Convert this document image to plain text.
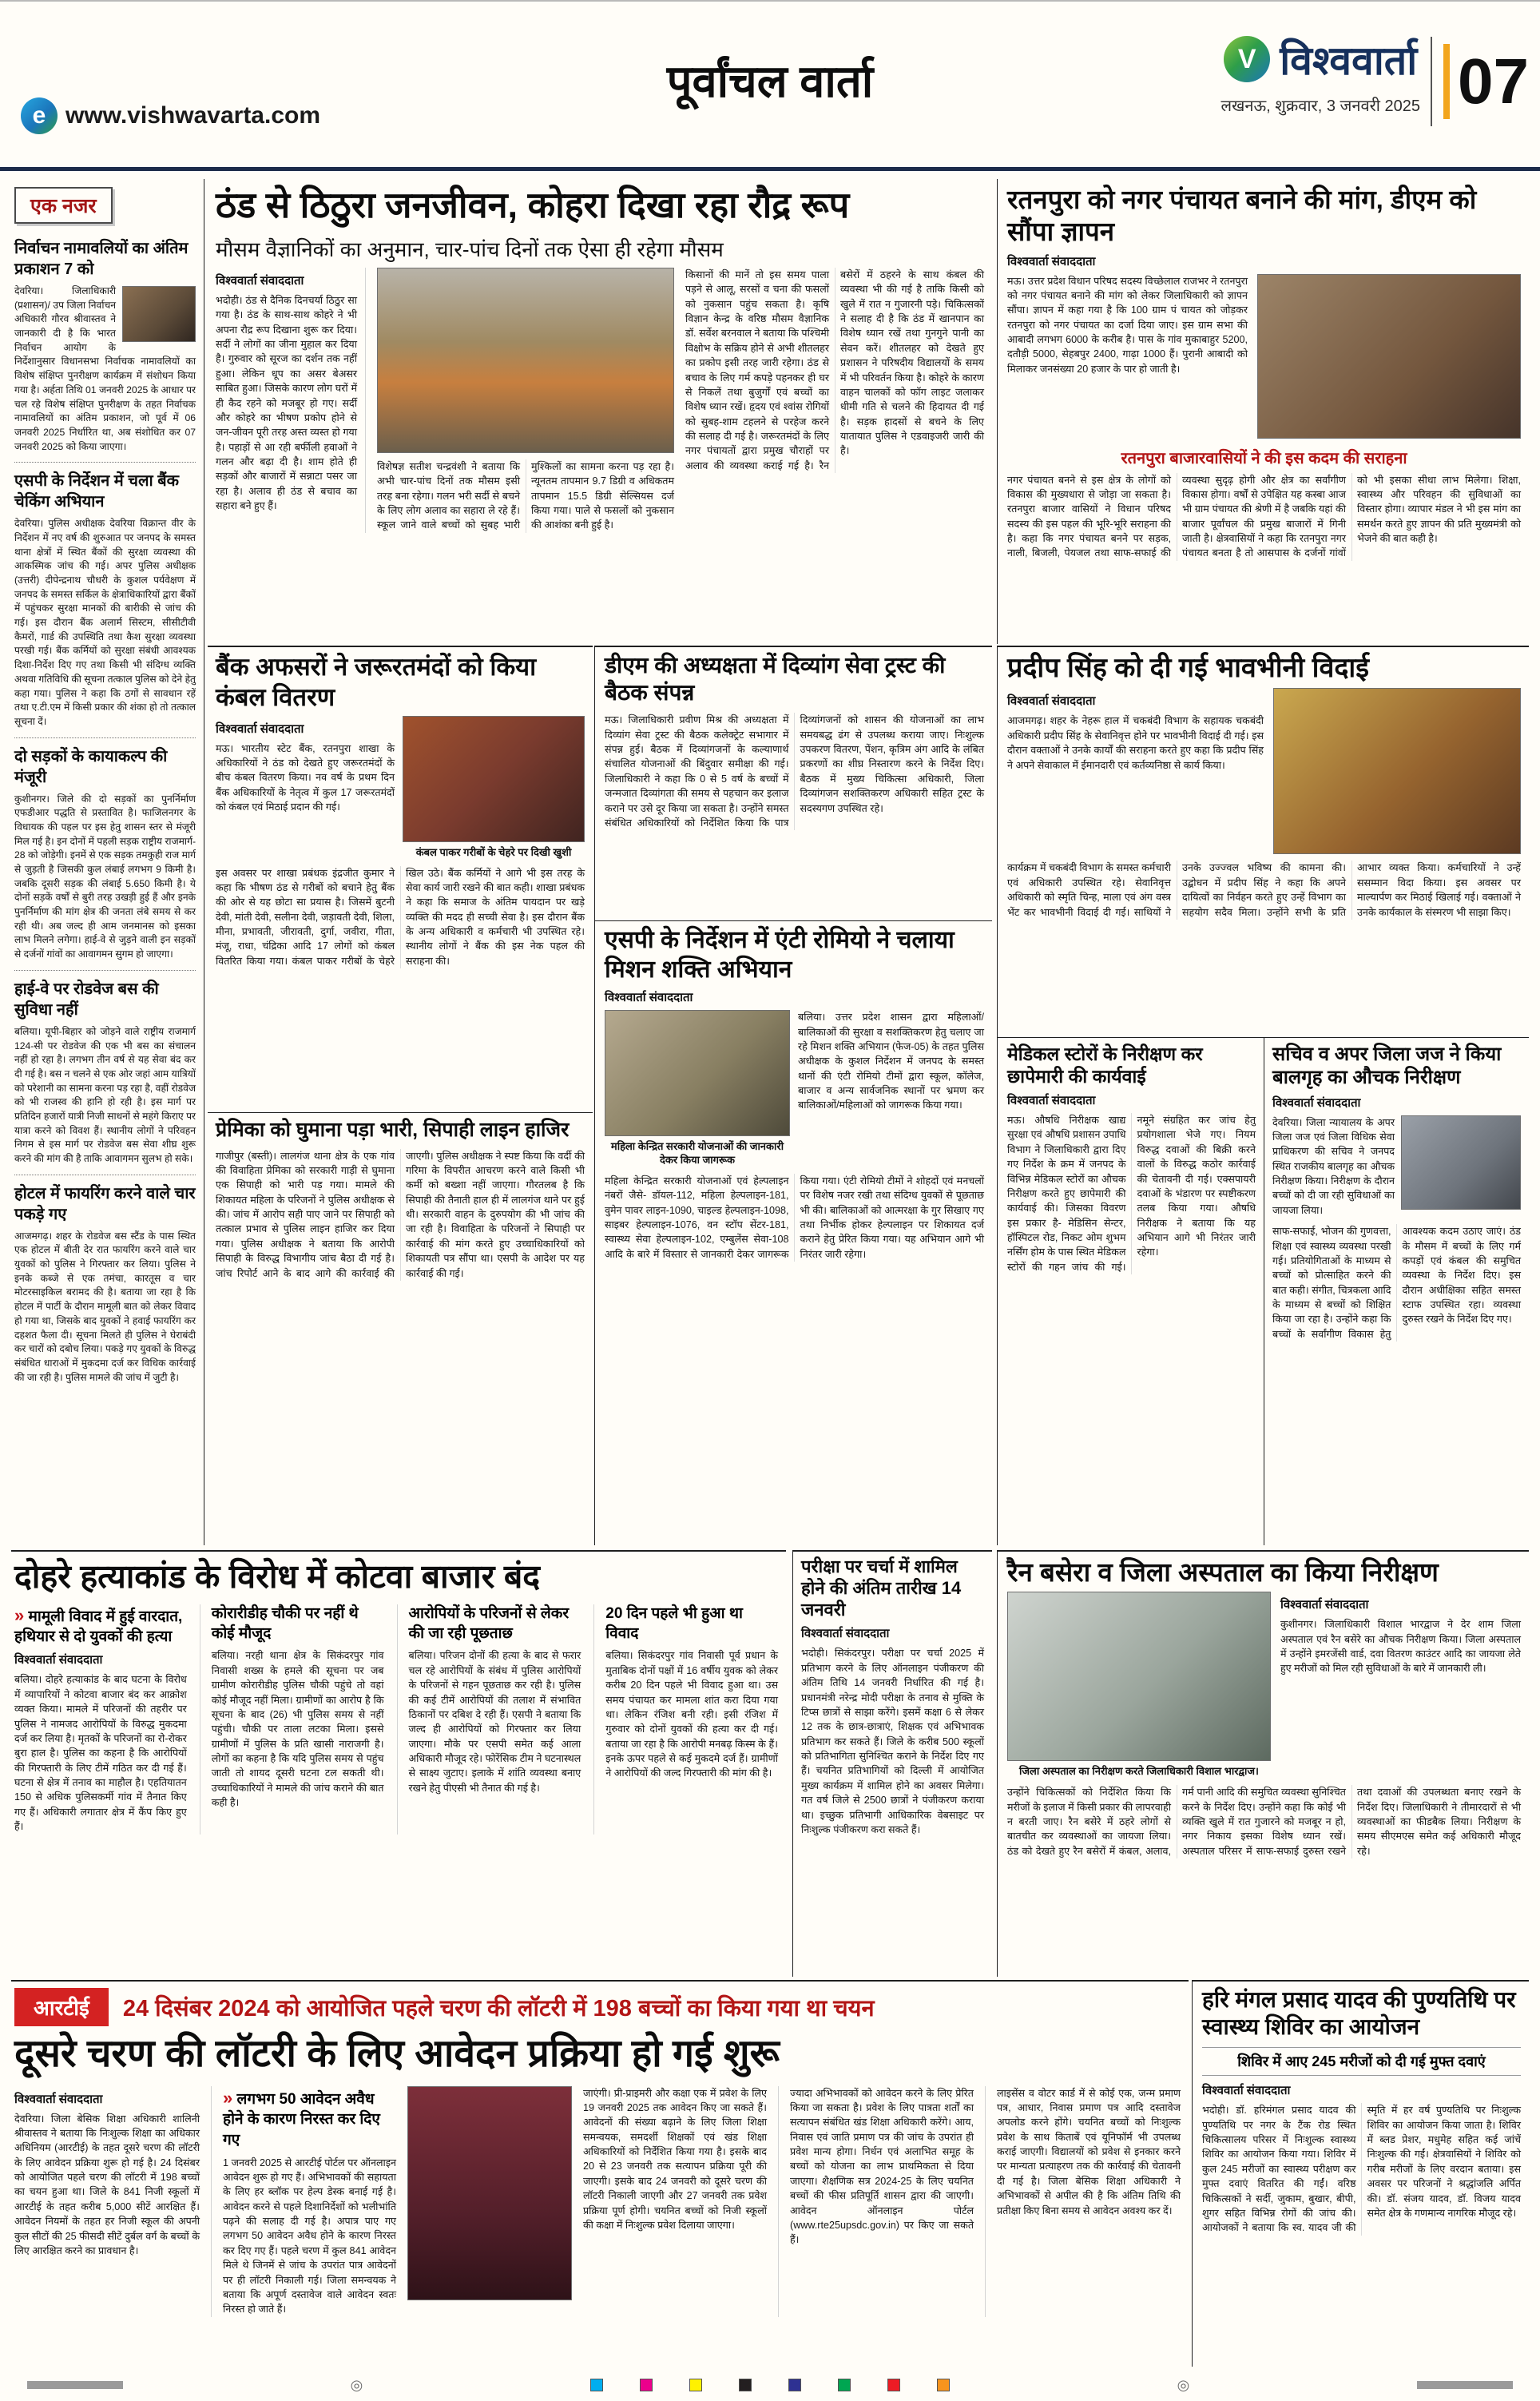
e www.vishwavarta.com
पूर्वांचल वार्ता	V विश्ववार्ता
लखनऊ, शुक्रवार, 3 जनवरी 2025 07
एक नजर
निर्वाचन नामावलियों का अंतिम प्रकाशन 7 को
देवरिया। जिलाधिकारी (प्रशासन)/ उप जिला निर्वाचन अधिकारी गौरव श्रीवास्तव ने जानकारी दी है कि भारत निर्वाचन आयोग के निर्देशानुसार विधानसभा निर्वाचक नामावलियों का विशेष संक्षिप्त पुनरीक्षण कार्यक्रम में संशोधन किया गया है। अर्हता तिथि 01 जनवरी 2025 के आधार पर चल रहे विशेष संक्षिप्त पुनरीक्षण के तहत निर्वाचक नामावलियों का अंतिम प्रकाशन, जो पूर्व में 06 जनवरी 2025 निर्धारित था, अब संशोधित कर 07 जनवरी 2025 को किया जाएगा।
एसपी के निर्देशन में चला बैंक चेकिंग अभियान
देवरिया। पुलिस अधीक्षक देवरिया विक्रान्त वीर के निर्देशन में नए वर्ष की शुरुआत पर जनपद के समस्त थाना क्षेत्रों में स्थित बैंकों की सुरक्षा व्यवस्था की आकस्मिक जांच की गई। अपर पुलिस अधीक्षक (उत्तरी) दीपेन्द्रनाथ चौधरी के कुशल पर्यवेक्षण में जनपद के समस्त सर्किल के क्षेत्राधिकारियों द्वारा बैंकों में पहुंचकर सुरक्षा मानकों की बारीकी से जांच की गई। इस दौरान बैंक अलार्म सिस्टम, सीसीटीवी कैमरों, गार्ड की उपस्थिति तथा कैश सुरक्षा व्यवस्था परखी गई। बैंक कर्मियों को सुरक्षा संबंधी आवश्यक दिशा-निर्देश दिए गए तथा किसी भी संदिग्ध व्यक्ति अथवा गतिविधि की सूचना तत्काल पुलिस को देने हेतु कहा गया। पुलिस ने कहा कि ठगों से सावधान रहें तथा ए.टी.एम में किसी प्रकार की शंका हो तो तत्काल सूचना दें।
दो सड़कों के कायाकल्प की मंजूरी
कुशीनगर। जिले की दो सड़कों का पुनर्निर्माण एफडीआर पद्धति से प्रस्तावित है। फाजिलनगर के विधायक की पहल पर इस हेतु शासन स्तर से मंजूरी मिल गई है। इन दोनों में पहली सड़क राष्ट्रीय राजमार्ग- 28 को जोड़ेगी। इनमें से एक सड़क तमकुही राज मार्ग से जुड़ती है जिसकी कुल लंबाई लगभग 9 किमी है। जबकि दूसरी सड़क की लंबाई 5.650 किमी है। ये दोनों सड़कें वर्षों से बुरी तरह उखड़ी हुई हैं और इनके पुनर्निर्माण की मांग क्षेत्र की जनता लंबे समय से कर रही थी। अब जल्द ही आम जनमानस को इसका लाभ मिलने लगेगा। हाई-वे से जुड़ने वाली इन सड़कों से दर्जनों गांवों का आवागमन सुगम हो जाएगा।
हाई-वे पर रोडवेज बस की सुविधा नहीं
बलिया। यूपी-बिहार को जोड़ने वाले राष्ट्रीय राजमार्ग 124-सी पर रोडवेज की एक भी बस का संचालन नहीं हो रहा है। लगभग तीन वर्ष से यह सेवा बंद कर दी गई है। बस न चलने से एक ओर जहां आम यात्रियों को परेशानी का सामना करना पड़ रहा है, वहीं रोडवेज को भी राजस्व की हानि हो रही है। इस मार्ग पर प्रतिदिन हजारों यात्री निजी साधनों से महंगे किराए पर यात्रा करने को विवश हैं। स्थानीय लोगों ने परिवहन निगम से इस मार्ग पर रोडवेज बस सेवा शीघ्र शुरू करने की मांग की है ताकि आवागमन सुलभ हो सके।
होटल में फायरिंग करने वाले चार पकड़े गए
आजमगढ़। शहर के रोडवेज बस स्टैंड के पास स्थित एक होटल में बीती देर रात फायरिंग करने वाले चार युवकों को पुलिस ने गिरफ्तार कर लिया। पुलिस ने इनके कब्जे से एक तमंचा, कारतूस व चार मोटरसाइकिल बरामद की है। बताया जा रहा है कि होटल में पार्टी के दौरान मामूली बात को लेकर विवाद हो गया था, जिसके बाद युवकों ने हवाई फायरिंग कर दहशत फैला दी। सूचना मिलते ही पुलिस ने घेराबंदी कर चारों को दबोच लिया। पकड़े गए युवकों के विरुद्ध संबंधित धाराओं में मुकदमा दर्ज कर विधिक कार्रवाई की जा रही है। पुलिस मामले की जांच में जुटी है।
ठंड से ठिठुरा जनजीवन, कोहरा दिखा रहा रौद्र रूप
मौसम वैज्ञानिकों का अनुमान, चार-पांच दिनों तक ऐसा ही रहेगा मौसम
विश्ववार्ता संवाददाता
भदोही। ठंड से दैनिक दिनचर्या ठिठुर सा गया है। ठंड के साथ-साथ कोहरे ने भी अपना रौद्र रूप दिखाना शुरू कर दिया। सर्दी ने लोगों का जीना मुहाल कर दिया है। गुरुवार को सूरज का दर्शन तक नहीं हुआ। लेकिन धूप का असर बेअसर साबित हुआ। जिसके कारण लोग घरों में ही कैद रहने को मजबूर हो गए। सर्दी और कोहरे का भीषण प्रकोप होने से जन-जीवन पूरी तरह अस्त व्यस्त हो गया है। पहाड़ों से आ रही बर्फीली हवाओं ने गलन और बढ़ा दी है। शाम होते ही सड़कों और बाजारों में सन्नाटा पसर जा रहा है। अलाव ही ठंड से बचाव का सहारा बने हुए हैं।
विशेषज्ञ सतीश चन्द्रवंशी ने बताया कि अभी चार-पांच दिनों तक मौसम इसी तरह बना रहेगा। गलन भरी सर्दी से बचने के लिए लोग अलाव का सहारा ले रहे हैं। स्कूल जाने वाले बच्चों को सुबह भारी मुश्किलों का सामना करना पड़ रहा है। न्यूनतम तापमान 9.7 डिग्री व अधिकतम तापमान 15.5 डिग्री सेल्सियस दर्ज किया गया। पाले से फसलों को नुकसान की आशंका बनी हुई है।
किसानों की मानें तो इस समय पाला पड़ने से आलू, सरसों व चना की फसलों को नुकसान पहुंच सकता है। कृषि विज्ञान केन्द्र के वरिष्ठ मौसम वैज्ञानिक डॉ. सर्वेश बरनवाल ने बताया कि पश्चिमी विक्षोभ के सक्रिय होने से अभी शीतलहर का प्रकोप इसी तरह जारी रहेगा। ठंड से बचाव के लिए गर्म कपड़े पहनकर ही घर से निकलें तथा बुजुर्गों एवं बच्चों का विशेष ध्यान रखें। हृदय एवं श्वांस रोगियों को सुबह-शाम टहलने से परहेज करने की सलाह दी गई है। जरूरतमंदों के लिए नगर पंचायतों द्वारा प्रमुख चौराहों पर अलाव की व्यवस्था कराई गई है। रैन बसेरों में ठहरने के साथ कंबल की व्यवस्था भी की गई है ताकि किसी को खुले में रात न गुजारनी पड़े। चिकित्सकों ने सलाह दी है कि ठंड में खानपान का विशेष ध्यान रखें तथा गुनगुने पानी का सेवन करें। शीतलहर को देखते हुए प्रशासन ने परिषदीय विद्यालयों के समय में भी परिवर्तन किया है। कोहरे के कारण वाहन चालकों को फॉग लाइट जलाकर धीमी गति से चलने की हिदायत दी गई है। सड़क हादसों से बचने के लिए यातायात पुलिस ने एडवाइजरी जारी की है।
रतनपुरा को नगर पंचायत बनाने की मांग, डीएम को सौंपा ज्ञापन
विश्ववार्ता संवाददाता
मऊ। उत्तर प्रदेश विधान परिषद सदस्य विच्छेलाल राजभर ने रतनपुरा को नगर पंचायत बनाने की मांग को लेकर जिलाधिकारी को ज्ञापन सौंपा। ज्ञापन में कहा गया है कि 100 ग्राम पं चायत को जोड़कर रतनपुरा को नगर पंचायत का दर्जा दिया जाए। इस ग्राम सभा की आबादी लगभग 6000 के करीब है। पास के गांव मुकाबाहुर 5200, दतौड़ी 5000, सेहबपुर 2400, गाढ़ा 1000 हैं। पुरानी आबादी को मिलाकर जनसंख्या 20 हजार के पार हो जाती है।
रतनपुरा बाजारवासियों ने की इस कदम की सराहना
नगर पंचायत बनने से इस क्षेत्र के लोगों को विकास की मुख्यधारा से जोड़ा जा सकता है। रतनपुरा बाजार वासियों ने विधान परिषद सदस्य की इस पहल की भूरि-भूरि सराहना की है। कहा कि नगर पंचायत बनने पर सड़क, नाली, बिजली, पेयजल तथा साफ-सफाई की व्यवस्था सुदृढ़ होगी और क्षेत्र का सर्वांगीण विकास होगा। वर्षों से उपेक्षित यह कस्बा आज भी ग्राम पंचायत की श्रेणी में है जबकि यहां की बाजार पूर्वांचल की प्रमुख बाजारों में गिनी जाती है। क्षेत्रवासियों ने कहा कि रतनपुरा नगर पंचायत बनता है तो आसपास के दर्जनों गांवों को भी इसका सीधा लाभ मिलेगा। शिक्षा, स्वास्थ्य और परिवहन की सुविधाओं का विस्तार होगा। व्यापार मंडल ने भी इस मांग का समर्थन करते हुए ज्ञापन की प्रति मुख्यमंत्री को भेजने की बात कही है।
बैंक अफसरों ने जरूरतमंदों को किया कंबल वितरण
विश्ववार्ता संवाददाता
मऊ। भारतीय स्टेट बैंक, रतनपुरा शाखा के अधिकारियों ने ठंड को देखते हुए जरूरतमंदों के बीच कंबल वितरण किया। नव वर्ष के प्रथम दिन बैंक अधिकारियों के नेतृत्व में कुल 17 जरूरतमंदों को कंबल एवं मिठाई प्रदान की गई।
कंबल पाकर गरीबों के चेहरे पर दिखी खुशी
इस अवसर पर शाखा प्रबंधक इंद्रजीत कुमार ने कहा कि भीषण ठंड से गरीबों को बचाने हेतु बैंक की ओर से यह छोटा सा प्रयास है। जिसमें बुटनी देवी, मांती देवी, सलीना देवी, जड़ावती देवी, शिला, मीना, प्रभावती, जीरावती, दुर्गा, जवीरा, गीता, मंजू, राधा, चंद्रिका आदि 17 लोगों को कंबल वितरित किया गया। कंबल पाकर गरीबों के चेहरे खिल उठे। बैंक कर्मियों ने आगे भी इस तरह के सेवा कार्य जारी रखने की बात कही। शाखा प्रबंधक ने कहा कि समाज के अंतिम पायदान पर खड़े व्यक्ति की मदद ही सच्ची सेवा है। इस दौरान बैंक के अन्य अधिकारी व कर्मचारी भी उपस्थित रहे। स्थानीय लोगों ने बैंक की इस नेक पहल की सराहना की।
प्रेमिका को घुमाना पड़ा भारी, सिपाही लाइन हाजिर
गाजीपुर (बस्ती)। लालगंज थाना क्षेत्र के एक गांव की विवाहिता प्रेमिका को सरकारी गाड़ी से घुमाना एक सिपाही को भारी पड़ गया। मामले की शिकायत महिला के परिजनों ने पुलिस अधीक्षक से की। जांच में आरोप सही पाए जाने पर सिपाही को तत्काल प्रभाव से पुलिस लाइन हाजिर कर दिया गया। पुलिस अधीक्षक ने बताया कि आरोपी सिपाही के विरुद्ध विभागीय जांच बैठा दी गई है। जांच रिपोर्ट आने के बाद आगे की कार्रवाई की जाएगी। पुलिस अधीक्षक ने स्पष्ट किया कि वर्दी की गरिमा के विपरीत आचरण करने वाले किसी भी कर्मी को बख्शा नहीं जाएगा। गौरतलब है कि सिपाही की तैनाती हाल ही में लालगंज थाने पर हुई थी। सरकारी वाहन के दुरुपयोग की भी जांच की जा रही है। विवाहिता के परिजनों ने सिपाही पर कार्रवाई की मांग करते हुए उच्चाधिकारियों को शिकायती पत्र सौंपा था। एसपी के आदेश पर यह कार्रवाई की गई।
डीएम की अध्यक्षता में दिव्यांग सेवा ट्रस्ट की बैठक संपन्न
मऊ। जिलाधिकारी प्रवीण मिश्र की अध्यक्षता में दिव्यांग सेवा ट्रस्ट की बैठक कलेक्ट्रेट सभागार में संपन्न हुई। बैठक में दिव्यांगजनों के कल्याणार्थ संचालित योजनाओं की बिंदुवार समीक्षा की गई। जिलाधिकारी ने कहा कि 0 से 5 वर्ष के बच्चों में जन्मजात दिव्यांगता की समय से पहचान कर इलाज कराने पर उसे दूर किया जा सकता है। उन्होंने समस्त संबंधित अधिकारियों को निर्देशित किया कि पात्र दिव्यांगजनों को शासन की योजनाओं का लाभ समयबद्ध ढंग से उपलब्ध कराया जाए। निःशुल्क उपकरण वितरण, पेंशन, कृत्रिम अंग आदि के लंबित प्रकरणों का शीघ्र निस्तारण करने के निर्देश दिए। बैठक में मुख्य चिकित्सा अधिकारी, जिला दिव्यांगजन सशक्तिकरण अधिकारी सहित ट्रस्ट के सदस्यगण उपस्थित रहे।
एसपी के निर्देशन में एंटी रोमियो ने चलाया मिशन शक्ति अभियान
विश्ववार्ता संवाददाता
महिला केन्द्रित सरकारी योजनाओं की जानकारी देकर किया जागरूक
बलिया। उत्तर प्रदेश शासन द्वारा महिलाओं/बालिकाओं की सुरक्षा व सशक्तिकरण हेतु चलाए जा रहे मिशन शक्ति अभियान (फेज-05) के तहत पुलिस अधीक्षक के कुशल निर्देशन में जनपद के समस्त थानों की एंटी रोमियो टीमों द्वारा स्कूल, कॉलेज, बाजार व अन्य सार्वजनिक स्थानों पर भ्रमण कर बालिकाओं/महिलाओं को जागरूक किया गया।
महिला केन्द्रित सरकारी योजनाओं एवं हेल्पलाइन नंबरों जैसे- डॉयल-112, महिला हेल्पलाइन-181, वुमेन पावर लाइन-1090, चाइल्ड हेल्पलाइन-1098, साइबर हेल्पलाइन-1076, वन स्टॉप सेंटर-181, स्वास्थ्य सेवा हेल्पलाइन-102, एम्बुलेंस सेवा-108 आदि के बारे में विस्तार से जानकारी देकर जागरूक किया गया। एंटी रोमियो टीमों ने शोहदों एवं मनचलों पर विशेष नजर रखी तथा संदिग्ध युवकों से पूछताछ भी की। बालिकाओं को आत्मरक्षा के गुर सिखाए गए तथा निर्भीक होकर हेल्पलाइन पर शिकायत दर्ज कराने हेतु प्रेरित किया गया। यह अभियान आगे भी निरंतर जारी रहेगा।
प्रदीप सिंह को दी गई भावभीनी विदाई
विश्ववार्ता संवाददाता
आजमगढ़। शहर के नेहरू हाल में चकबंदी विभाग के सहायक चकबंदी अधिकारी प्रदीप सिंह के सेवानिवृत्त होने पर भावभीनी विदाई दी गई। इस दौरान वक्ताओं ने उनके कार्यों की सराहना करते हुए कहा कि प्रदीप सिंह ने अपने सेवाकाल में ईमानदारी एवं कर्तव्यनिष्ठा से कार्य किया।
कार्यक्रम में चकबंदी विभाग के समस्त कर्मचारी एवं अधिकारी उपस्थित रहे। सेवानिवृत्त अधिकारी को स्मृति चिन्ह, माला एवं अंग वस्त्र भेंट कर भावभीनी विदाई दी गई। साथियों ने उनके उज्ज्वल भविष्य की कामना की। उद्बोधन में प्रदीप सिंह ने कहा कि अपने दायित्वों का निर्वहन करते हुए उन्हें विभाग का सहयोग सदैव मिला। उन्होंने सभी के प्रति आभार व्यक्त किया। कर्मचारियों ने उन्हें ससम्मान विदा किया। इस अवसर पर माल्यार्पण कर मिठाई खिलाई गई। वक्ताओं ने उनके कार्यकाल के संस्मरण भी साझा किए।
मेडिकल स्टोरों के निरीक्षण कर छापेमारी की कार्यवाई
विश्ववार्ता संवाददाता
मऊ। औषधि निरीक्षक खाद्य सुरक्षा एवं औषधि प्रशासन उपाधि विभाग ने जिलाधिकारी द्वारा दिए गए निर्देश के क्रम में जनपद के विभिन्न मेडिकल स्टोरों का औचक निरीक्षण करते हुए छापेमारी की कार्यवाई की। जिसका विवरण इस प्रकार है- मेडिसिन सेन्टर, हॉस्पिटल रोड, निकट ओम शुभम नर्सिंग होम के पास स्थित मेडिकल स्टोरों की गहन जांच की गई। नमूने संग्रहित कर जांच हेतु प्रयोगशाला भेजे गए। नियम विरुद्ध दवाओं की बिक्री करने वालों के विरुद्ध कठोर कार्रवाई की चेतावनी दी गई। एक्सपायरी दवाओं के भंडारण पर स्पष्टीकरण तलब किया गया। औषधि निरीक्षक ने बताया कि यह अभियान आगे भी निरंतर जारी रहेगा।
सचिव व अपर जिला जज ने किया बालगृह का औचक निरीक्षण
विश्ववार्ता संवाददाता
देवरिया। जिला न्यायालय के अपर जिला जज एवं जिला विधिक सेवा प्राधिकरण की सचिव ने जनपद स्थित राजकीय बालगृह का औचक निरीक्षण किया। निरीक्षण के दौरान बच्चों को दी जा रही सुविधाओं का जायजा लिया।
साफ-सफाई, भोजन की गुणवत्ता, शिक्षा एवं स्वास्थ्य व्यवस्था परखी गई। प्रतियोगिताओं के माध्यम से बच्चों को प्रोत्साहित करने की बात कही। संगीत, चित्रकला आदि के माध्यम से बच्चों को शिक्षित किया जा रहा है। उन्होंने कहा कि बच्चों के सर्वांगीण विकास हेतु आवश्यक कदम उठाए जाएं। ठंड के मौसम में बच्चों के लिए गर्म कपड़ों एवं कंबल की समुचित व्यवस्था के निर्देश दिए। इस दौरान अधीक्षिका सहित समस्त स्टाफ उपस्थित रहा। व्यवस्था दुरुस्त रखने के निर्देश दिए गए।
दोहरे हत्याकांड के विरोध में कोटवा बाजार बंद
» मामूली विवाद में हुई वारदात, हथियार से दो युवकों की हत्या
विश्ववार्ता संवाददाता
बलिया। दोहरे हत्याकांड के बाद घटना के विरोध में व्यापारियों ने कोटवा बाजार बंद कर आक्रोश व्यक्त किया। मामले में परिजनों की तहरीर पर पुलिस ने नामजद आरोपियों के विरुद्ध मुकदमा दर्ज कर लिया है। मृतकों के परिजनों का रो-रोकर बुरा हाल है। पुलिस का कहना है कि आरोपियों की गिरफ्तारी के लिए टीमें गठित कर दी गई हैं। घटना से क्षेत्र में तनाव का माहौल है। एहतियातन 150 से अधिक पुलिसकर्मी गांव में तैनात किए गए हैं। अधिकारी लगातार क्षेत्र में कैंप किए हुए हैं।
कोरारीडीह चौकी पर नहीं थे कोई मौजूद
बलिया। नरही थाना क्षेत्र के सिकंदरपुर गांव निवासी शख्स के हमले की सूचना पर जब ग्रामीण कोरारीडीह पुलिस चौकी पहुंचे तो वहां कोई मौजूद नहीं मिला। ग्रामीणों का आरोप है कि सूचना के बाद (26) भी पुलिस समय से नहीं पहुंची। चौकी पर ताला लटका मिला। इससे ग्रामीणों में पुलिस के प्रति खासी नाराजगी है। लोगों का कहना है कि यदि पुलिस समय से पहुंच जाती तो शायद दूसरी घटना टल सकती थी। उच्चाधिकारियों ने मामले की जांच कराने की बात कही है।
आरोपियों के परिजनों से लेकर की जा रही पूछताछ
बलिया। परिजन दोनों की हत्या के बाद से फरार चल रहे आरोपियों के संबंध में पुलिस आरोपियों के परिजनों से गहन पूछताछ कर रही है। पुलिस की कई टीमें आरोपियों की तलाश में संभावित ठिकानों पर दबिश दे रही हैं। एसपी ने बताया कि जल्द ही आरोपियों को गिरफ्तार कर लिया जाएगा। मौके पर एसपी समेत कई आला अधिकारी मौजूद रहे। फोरेंसिक टीम ने घटनास्थल से साक्ष्य जुटाए। इलाके में शांति व्यवस्था बनाए रखने हेतु पीएसी भी तैनात की गई है।
20 दिन पहले भी हुआ था विवाद
बलिया। सिकंदरपुर गांव निवासी पूर्व प्रधान के मुताबिक दोनों पक्षों में 16 वर्षीय युवक को लेकर करीब 20 दिन पहले भी विवाद हुआ था। उस समय पंचायत कर मामला शांत करा दिया गया था। लेकिन रंजिश बनी रही। इसी रंजिश में गुरुवार को दोनों युवकों की हत्या कर दी गई। बताया जा रहा है कि आरोपी मनबढ़ किस्म के हैं। इनके ऊपर पहले से कई मुकदमे दर्ज हैं। ग्रामीणों ने आरोपियों की जल्द गिरफ्तारी की मांग की है।
परीक्षा पर चर्चा में शामिल होने की अंतिम तारीख 14 जनवरी
विश्ववार्ता संवाददाता
भदोही। सिकंदरपुर। परीक्षा पर चर्चा 2025 में प्रतिभाग करने के लिए ऑनलाइन पंजीकरण की अंतिम तिथि 14 जनवरी निर्धारित की गई है। प्रधानमंत्री नरेन्द्र मोदी परीक्षा के तनाव से मुक्ति के टिप्स छात्रों से साझा करेंगे। इसमें कक्षा 6 से लेकर 12 तक के छात्र-छात्राएं, शिक्षक एवं अभिभावक प्रतिभाग कर सकते हैं। जिले के करीब 500 स्कूलों को प्रतिभागिता सुनिश्चित कराने के निर्देश दिए गए हैं। चयनित प्रतिभागियों को दिल्ली में आयोजित मुख्य कार्यक्रम में शामिल होने का अवसर मिलेगा। गत वर्ष जिले से 2500 छात्रों ने पंजीकरण कराया था। इच्छुक प्रतिभागी आधिकारिक वेबसाइट पर निःशुल्क पंजीकरण करा सकते हैं।
रैन बसेरा व जिला अस्पताल का किया निरीक्षण
जिला अस्पताल का निरीक्षण करते जिलाधिकारी विशाल भारद्वाज।
विश्ववार्ता संवाददाता
कुशीनगर। जिलाधिकारी विशाल भारद्वाज ने देर शाम जिला अस्पताल एवं रैन बसेरे का औचक निरीक्षण किया। जिला अस्पताल में उन्होंने इमरजेंसी वार्ड, दवा वितरण काउंटर आदि का जायजा लेते हुए मरीजों को मिल रही सुविधाओं के बारे में जानकारी ली।
उन्होंने चिकित्सकों को निर्देशित किया कि मरीजों के इलाज में किसी प्रकार की लापरवाही न बरती जाए। रैन बसेरे में ठहरे लोगों से बातचीत कर व्यवस्थाओं का जायजा लिया। ठंड को देखते हुए रैन बसेरों में कंबल, अलाव, गर्म पानी आदि की समुचित व्यवस्था सुनिश्चित करने के निर्देश दिए। उन्होंने कहा कि कोई भी व्यक्ति खुले में रात गुजारने को मजबूर न हो, नगर निकाय इसका विशेष ध्यान रखें। अस्पताल परिसर में साफ-सफाई दुरुस्त रखने तथा दवाओं की उपलब्धता बनाए रखने के निर्देश दिए। जिलाधिकारी ने तीमारदारों से भी व्यवस्थाओं का फीडबैक लिया। निरीक्षण के समय सीएमएस समेत कई अधिकारी मौजूद रहे।
आरटीई	24 दिसंबर 2024 को आयोजित पहले चरण की लॉटरी में 198 बच्चों का किया गया था चयन
दूसरे चरण की लॉटरी के लिए आवेदन प्रक्रिया हो गई शुरू
विश्ववार्ता संवाददाता
देवरिया। जिला बेसिक शिक्षा अधिकारी शालिनी श्रीवास्तव ने बताया कि निःशुल्क शिक्षा का अधिकार अधिनियम (आरटीई) के तहत दूसरे चरण की लॉटरी के लिए आवेदन प्रक्रिया शुरू हो गई है। 24 दिसंबर को आयोजित पहले चरण की लॉटरी में 198 बच्चों का चयन हुआ था। जिले के 841 निजी स्कूलों में आरटीई के तहत करीब 5,000 सीटें आरक्षित हैं। आवेदन नियमों के तहत हर निजी स्कूल की अपनी कुल सीटों की 25 फीसदी सीटें दुर्बल वर्ग के बच्चों के लिए आरक्षित करने का प्रावधान है।
» लगभग 50 आवेदन अवैध होने के कारण निरस्त कर दिए गए
1 जनवरी 2025 से आरटीई पोर्टल पर ऑनलाइन आवेदन शुरू हो गए हैं। अभिभावकों की सहायता के लिए हर ब्लॉक पर हेल्प डेस्क बनाई गई है। आवेदन करने से पहले दिशानिर्देशों को भलीभांति पढ़ने की सलाह दी गई है। अपात्र पाए गए लगभग 50 आवेदन अवैध होने के कारण निरस्त कर दिए गए हैं। पहले चरण में कुल 841 आवेदन मिले थे जिनमें से जांच के उपरांत पात्र आवेदनों पर ही लॉटरी निकाली गई। जिला समन्वयक ने बताया कि अपूर्ण दस्तावेज वाले आवेदन स्वतः निरस्त हो जाते हैं।
जाएंगी। प्री-प्राइमरी और कक्षा एक में प्रवेश के लिए 19 जनवरी 2025 तक आवेदन किए जा सकते हैं। आवेदनों की संख्या बढ़ाने के लिए जिला शिक्षा समन्वयक, समदर्शी शिक्षकों एवं खंड शिक्षा अधिकारियों को निर्देशित किया गया है। इसके बाद 20 से 23 जनवरी तक सत्यापन प्रक्रिया पूरी की जाएगी। इसके बाद 24 जनवरी को दूसरे चरण की लॉटरी निकाली जाएगी और 27 जनवरी तक प्रवेश प्रक्रिया पूर्ण होगी। चयनित बच्चों को निजी स्कूलों की कक्षा में निःशुल्क प्रवेश दिलाया जाएगा।
ज्यादा अभिभावकों को आवेदन करने के लिए प्रेरित किया जा सकता है। प्रवेश के लिए पात्रता शर्तों का सत्यापन संबंधित खंड शिक्षा अधिकारी करेंगे। आय, निवास एवं जाति प्रमाण पत्र की जांच के उपरांत ही प्रवेश मान्य होगा। निर्धन एवं अलाभित समूह के बच्चों को योजना का लाभ प्राथमिकता से दिया जाएगा। शैक्षणिक सत्र 2024-25 के लिए चयनित बच्चों की फीस प्रतिपूर्ति शासन द्वारा की जाएगी। आवेदन ऑनलाइन पोर्टल (www.rte25upsdc.gov.in) पर किए जा सकते हैं।
लाइसेंस व वोटर कार्ड में से कोई एक, जन्म प्रमाण पत्र, आधार, निवास प्रमाण पत्र आदि दस्तावेज अपलोड करने होंगे। चयनित बच्चों को निःशुल्क प्रवेश के साथ किताबें एवं यूनिफॉर्म भी उपलब्ध कराई जाएगी। विद्यालयों को प्रवेश से इनकार करने पर मान्यता प्रत्याहरण तक की कार्रवाई की चेतावनी दी गई है। जिला बेसिक शिक्षा अधिकारी ने अभिभावकों से अपील की है कि अंतिम तिथि की प्रतीक्षा किए बिना समय से आवेदन अवश्य कर दें।
हरि मंगल प्रसाद यादव की पुण्यतिथि पर स्वास्थ्य शिविर का आयोजन
शिविर में आए 245 मरीजों को दी गई मुफ्त दवाएं
विश्ववार्ता संवाददाता
भदोही। डॉ. हरिमंगल प्रसाद यादव की पुण्यतिथि पर नगर के टैंक रोड स्थित चिकित्सालय परिसर में निःशुल्क स्वास्थ्य शिविर का आयोजन किया गया। शिविर में कुल 245 मरीजों का स्वास्थ्य परीक्षण कर मुफ्त दवाएं वितरित की गईं। वरिष्ठ चिकित्सकों ने सर्दी, जुकाम, बुखार, बीपी, शुगर सहित विभिन्न रोगों की जांच की। आयोजकों ने बताया कि स्व. यादव जी की स्मृति में हर वर्ष पुण्यतिथि पर निःशुल्क शिविर का आयोजन किया जाता है। शिविर में ब्लड प्रेशर, मधुमेह सहित कई जांचें निःशुल्क की गईं। क्षेत्रवासियों ने शिविर को गरीब मरीजों के लिए वरदान बताया। इस अवसर पर परिजनों ने श्रद्धांजलि अर्पित की। डॉ. संजय यादव, डॉ. विजय यादव समेत क्षेत्र के गणमान्य नागरिक मौजूद रहे।
◎	◎
